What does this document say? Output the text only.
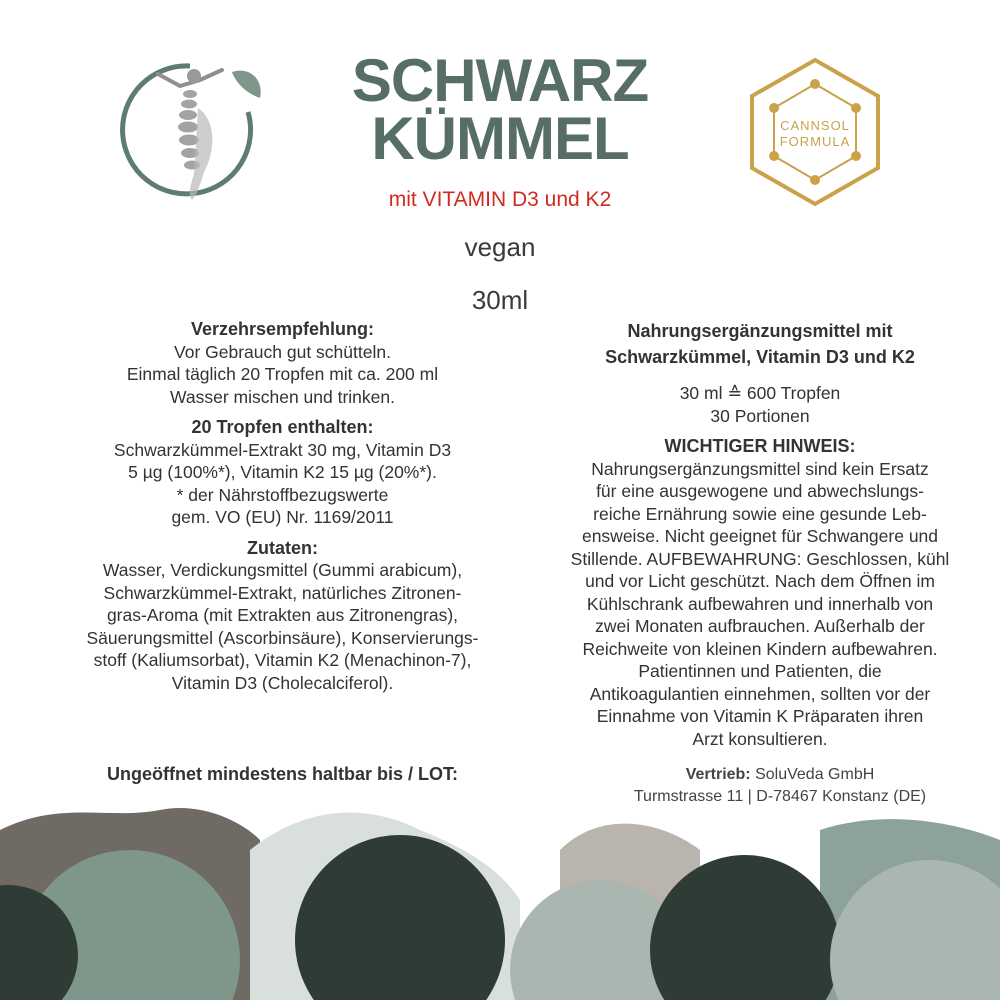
SCHWARZ
KÜMMEL
mit VITAMIN D3 und K2
vegan
30ml
CANNSOL
FORMULA
Verzehrsempfehlung:
Vor Gebrauch gut schütteln.
Einmal täglich 20 Tropfen mit ca. 200 ml
Wasser mischen und trinken.
20 Tropfen enthalten:
Schwarzkümmel-Extrakt 30 mg, Vitamin D3
5 µg (100%*), Vitamin K2 15 µg (20%*).
* der Nährstoffbezugswerte
gem. VO (EU) Nr. 1169/2011
Zutaten:
Wasser, Verdickungsmittel (Gummi arabicum),
Schwarzkümmel-Extrakt, natürliches Zitronen-
gras-Aroma (mit Extrakten aus Zitronengras),
Säuerungsmittel (Ascorbinsäure), Konservierungs-
stoff (Kaliumsorbat), Vitamin K2 (Menachinon-7),
Vitamin D3 (Cholecalciferol).
Ungeöffnet mindestens haltbar bis / LOT:
Nahrungsergänzungsmittel mit
Schwarzkümmel, Vitamin D3 und K2
30 ml ≙ 600 Tropfen
30 Portionen
WICHTIGER HINWEIS:
Nahrungsergänzungsmittel sind kein Ersatz
für eine ausgewogene und abwechslungs-
reiche Ernährung sowie eine gesunde Leb-
ensweise. Nicht geeignet für Schwangere und
Stillende. AUFBEWAHRUNG: Geschlossen, kühl
und vor Licht geschützt. Nach dem Öffnen im
Kühlschrank aufbewahren und innerhalb von
zwei Monaten aufbrauchen. Außerhalb der
Reichweite von kleinen Kindern aufbewahren.
Patientinnen und Patienten, die
Antikoagulantien einnehmen, sollten vor der
Einnahme von Vitamin K Präparaten ihren
Arzt konsultieren.
Vertrieb: SoluVeda GmbH
Turmstrasse 11 | D-78467 Konstanz (DE)
